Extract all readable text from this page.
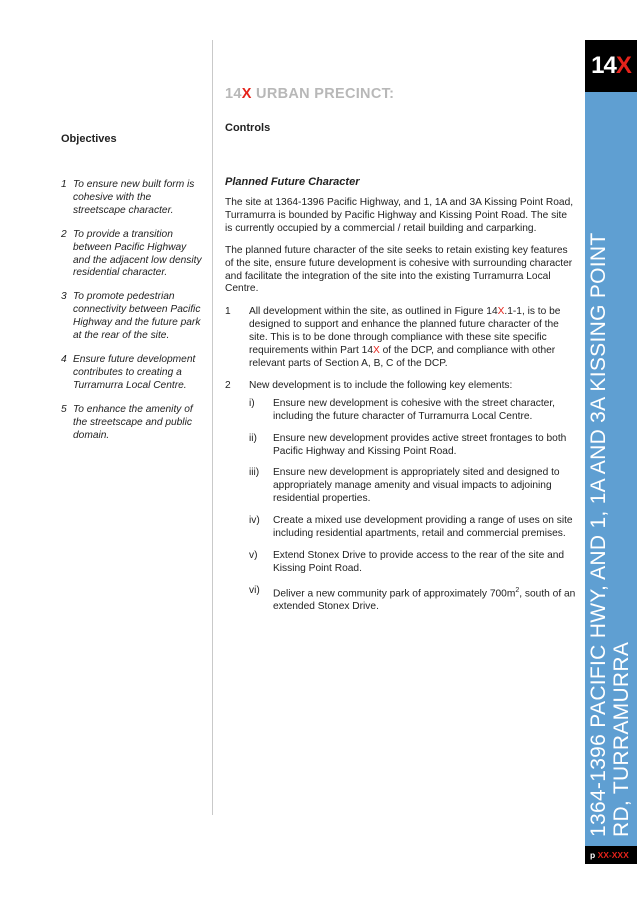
Objectives
1 To ensure new built form is cohesive with the streetscape character.
2 To provide a transition between Pacific Highway and the adjacent low density residential character.
3 To promote pedestrian connectivity between Pacific Highway and the future park at the rear of the site.
4 Ensure future development contributes to creating a Turramurra Local Centre.
5 To enhance the amenity of the streetscape and public domain.
14X URBAN PRECINCT:
Controls
Planned Future Character

The site at 1364-1396 Pacific Highway, and 1, 1A and 3A Kissing Point Road, Turramurra is bounded by Pacific Highway and Kissing Point Road. The site is currently occupied by a commercial / retail building and carparking.

The planned future character of the site seeks to retain existing key features of the site, ensure future development is cohesive with surrounding character and facilitate the integration of the site into the existing Turramurra Local Centre.

1 All development within the site, as outlined in Figure 14X.1-1, is to be designed to support and enhance the planned future character of the site. This is to be done through compliance with these site specific requirements within Part 14X of the DCP, and compliance with other relevant parts of Section A, B, C of the DCP.
2 New development is to include the following key elements:
i) Ensure new development is cohesive with the street character, including the future character of Turramurra Local Centre.
ii) Ensure new development provides active street frontages to both Pacific Highway and Kissing Point Road.
iii) Ensure new development is appropriately sited and designed to appropriately manage amenity and visual impacts to adjoining residential properties.
iv) Create a mixed use development providing a range of uses on site including residential apartments, retail and commercial premises.
v) Extend Stonex Drive to provide access to the rear of the site and Kissing Point Road.
vi) Deliver a new community park of approximately $700m^2$, south of an extended Stonex Drive.
14X
1364-1396 PACIFIC HWY, AND 1, 1A AND 3A KISSING POINT RD, TURRAMURRA
p XX-XXX
